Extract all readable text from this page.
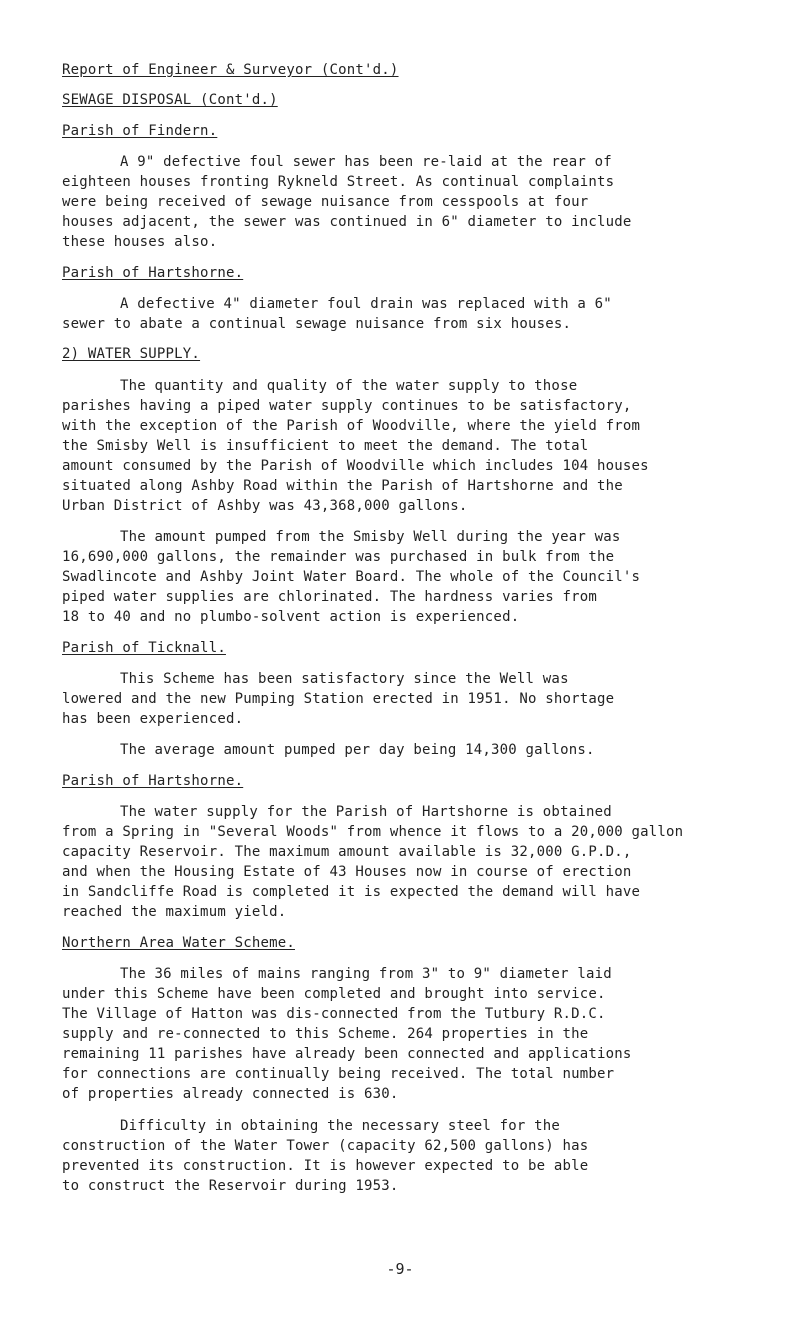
Report of Engineer & Surveyor (Cont'd.)
SEWAGE DISPOSAL (Cont'd.)
Parish of Findern.
A 9" defective foul sewer has been re-laid at the rear of
eighteen houses fronting Rykneld Street. As continual complaints
were being received of sewage nuisance from cesspools at four
houses adjacent, the sewer was continued in 6" diameter to include
these houses also.
Parish of Hartshorne.
A defective 4" diameter foul drain was replaced with a 6"
sewer to abate a continual sewage nuisance from six houses.
2) WATER SUPPLY.
The quantity and quality of the water supply to those
parishes having a piped water supply continues to be satisfactory,
with the exception of the Parish of Woodville, where the yield from
the Smisby Well is insufficient to meet the demand. The total
amount consumed by the Parish of Woodville which includes 104 houses
situated along Ashby Road within the Parish of Hartshorne and the
Urban District of Ashby was 43,368,000 gallons.
The amount pumped from the Smisby Well during the year was
16,690,000 gallons, the remainder was purchased in bulk from the
Swadlincote and Ashby Joint Water Board. The whole of the Council's
piped water supplies are chlorinated. The hardness varies from
18 to 40 and no plumbo-solvent action is experienced.
Parish of Ticknall.
This Scheme has been satisfactory since the Well was
lowered and the new Pumping Station erected in 1951. No shortage
has been experienced.
The average amount pumped per day being 14,300 gallons.
Parish of Hartshorne.
The water supply for the Parish of Hartshorne is obtained
from a Spring in "Several Woods" from whence it flows to a 20,000 gallon
capacity Reservoir. The maximum amount available is 32,000 G.P.D.,
and when the Housing Estate of 43 Houses now in course of erection
in Sandcliffe Road is completed it is expected the demand will have
reached the maximum yield.
Northern Area Water Scheme.
The 36 miles of mains ranging from 3" to 9" diameter laid
under this Scheme have been completed and brought into service.
The Village of Hatton was dis-connected from the Tutbury R.D.C.
supply and re-connected to this Scheme. 264 properties in the
remaining 11 parishes have already been connected and applications
for connections are continually being received. The total number
of properties already connected is 630.
Difficulty in obtaining the necessary steel for the
construction of the Water Tower (capacity 62,500 gallons) has
prevented its construction. It is however expected to be able
to construct the Reservoir during 1953.
-9-
